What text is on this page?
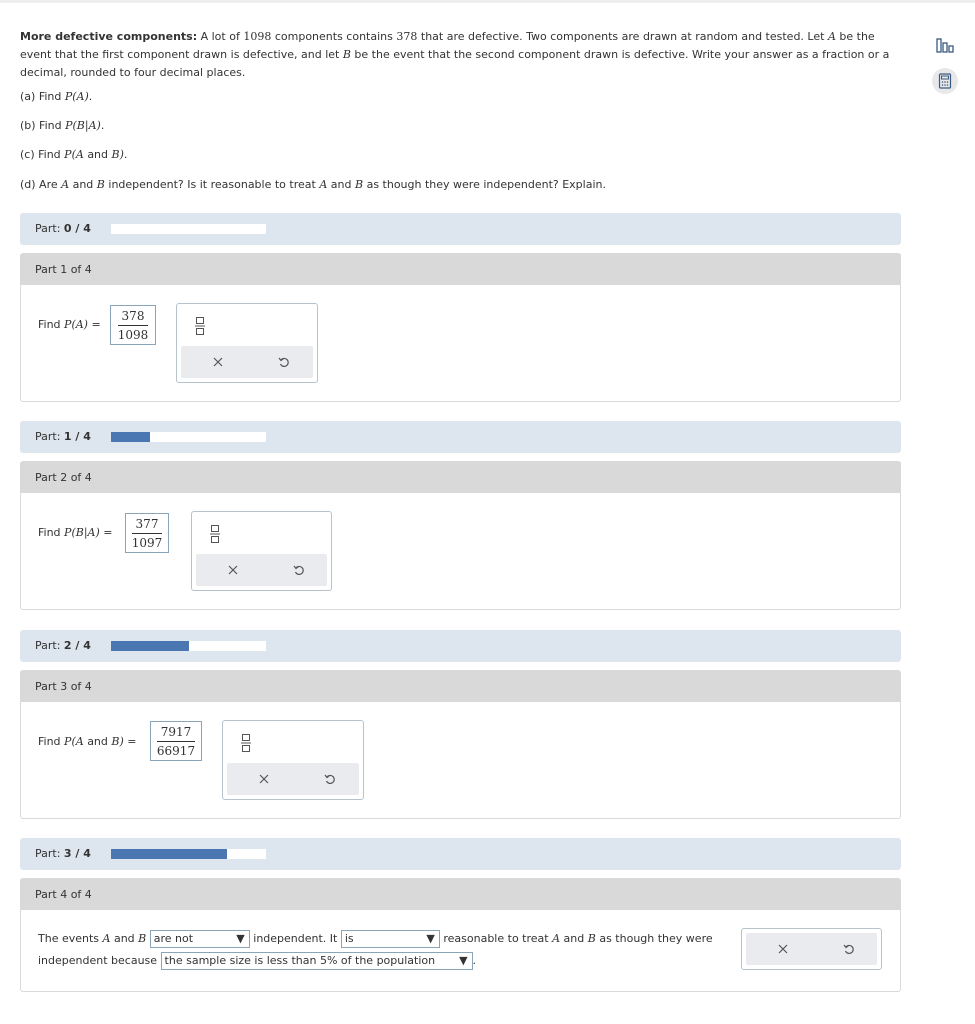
More defective components: A lot of 1098 components contains 378 that are defective. Two components are drawn at random and tested. Let A be the event that the first component drawn is defective, and let B be the event that the second component drawn is defective. Write your answer as a fraction or a decimal, rounded to four decimal places.
(a) Find P(A).
(b) Find P(B|A).
(c) Find P(A and B).
(d) Are A and B independent? Is it reasonable to treat A and B as though they were independent? Explain.
Part: 0 / 4
Part 1 of 4
Find
$P(A) = \frac{378}{1098}$
Part: 1 / 4
Part 2 of 4
Find
$P(B|A) = \frac{377}{1097}$
Part: 2 / 4
Part 3 of 4
Find
P(A
and
$B) = \frac{7917}{66917}$
Part: 3 / 4
Part 4 of 4
The events A and B are not	▼ independent. It is	▼ reasonable to treat A and B as though they were
independent because the sample size is less than 5% of the population ▼ .
